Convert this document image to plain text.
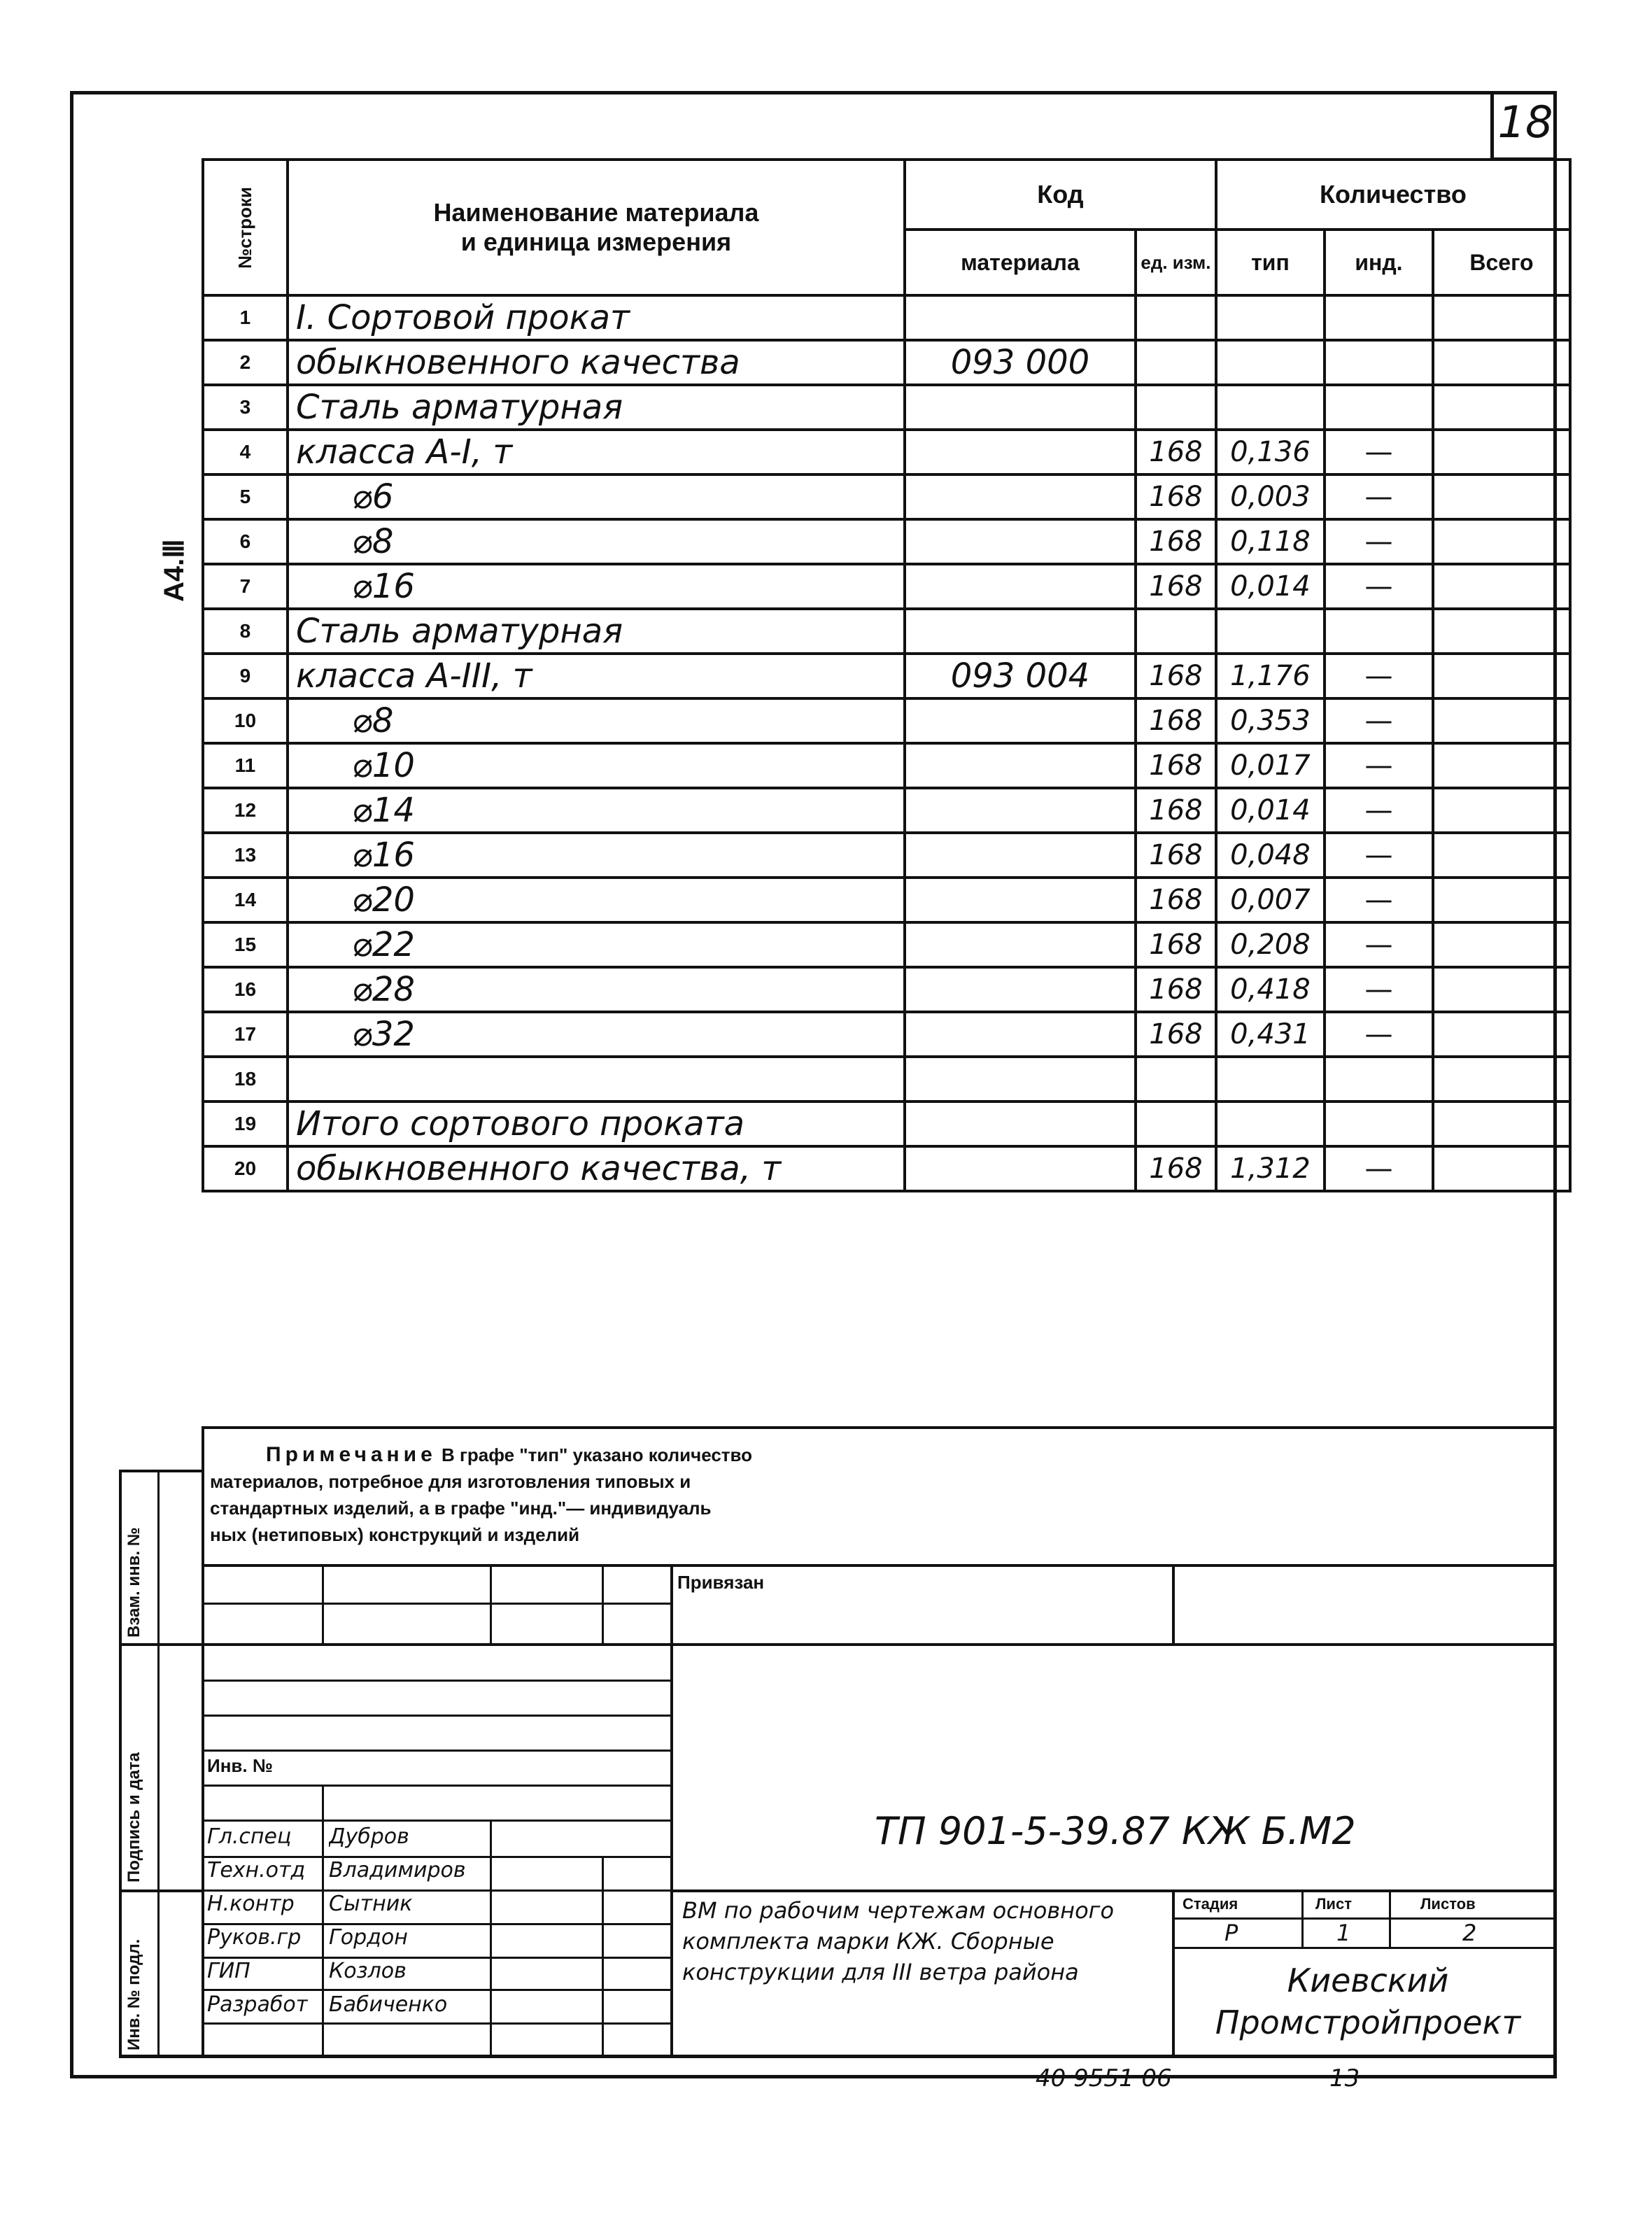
18
А4.Ⅲ
№строки	Наименование материала
и единица измерения	Код		Количество		
		материала	ед. изм.	тип	инд.	Всего
1	I. Сортовой прокат					
2	обыкновенного качества	093 000				
3	Сталь арматурная					
4	класса А-I, т		168	0,136	—	
5	⌀6		168	0,003	—	
6	⌀8		168	0,118	—	
7	⌀16		168	0,014	—	
8	Сталь арматурная					
9	класса А-III, т	093 004	168	1,176	—	
10	⌀8		168	0,353	—	
11	⌀10		168	0,017	—	
12	⌀14		168	0,014	—	
13	⌀16		168	0,048	—	
14	⌀20		168	0,007	—	
15	⌀22		168	0,208	—	
16	⌀28		168	0,418	—	
17	⌀32		168	0,431	—	
18						
19	Итого сортового проката					
20	обыкновенного качества, т		168	1,312	—	
Примечание В графе "тип" указано количество
материалов, потребное для изготовления типовых и
стандартных изделий, а в графе "инд."— индивидуаль
ных (нетиповых) конструкций и изделий
Взам. инв. №
Подпись и дата
Инв. № подл.
Привязан
Инв. №
ТП 901-5-39.87 КЖ Б.М2
Гл.спец Дубров
Техн.отд Владимиров
Н.контр Сытник
Руков.гр Гордон
ГИП	Козлов
Разработ Бабиченко
ВМ по рабочим чертежам основного комплекта марки КЖ. Сборные конструкции для III ветра района
Стадия	Лист	Листов
Р	1	2
Киевский Промстройпроект
40 9551 06	13
